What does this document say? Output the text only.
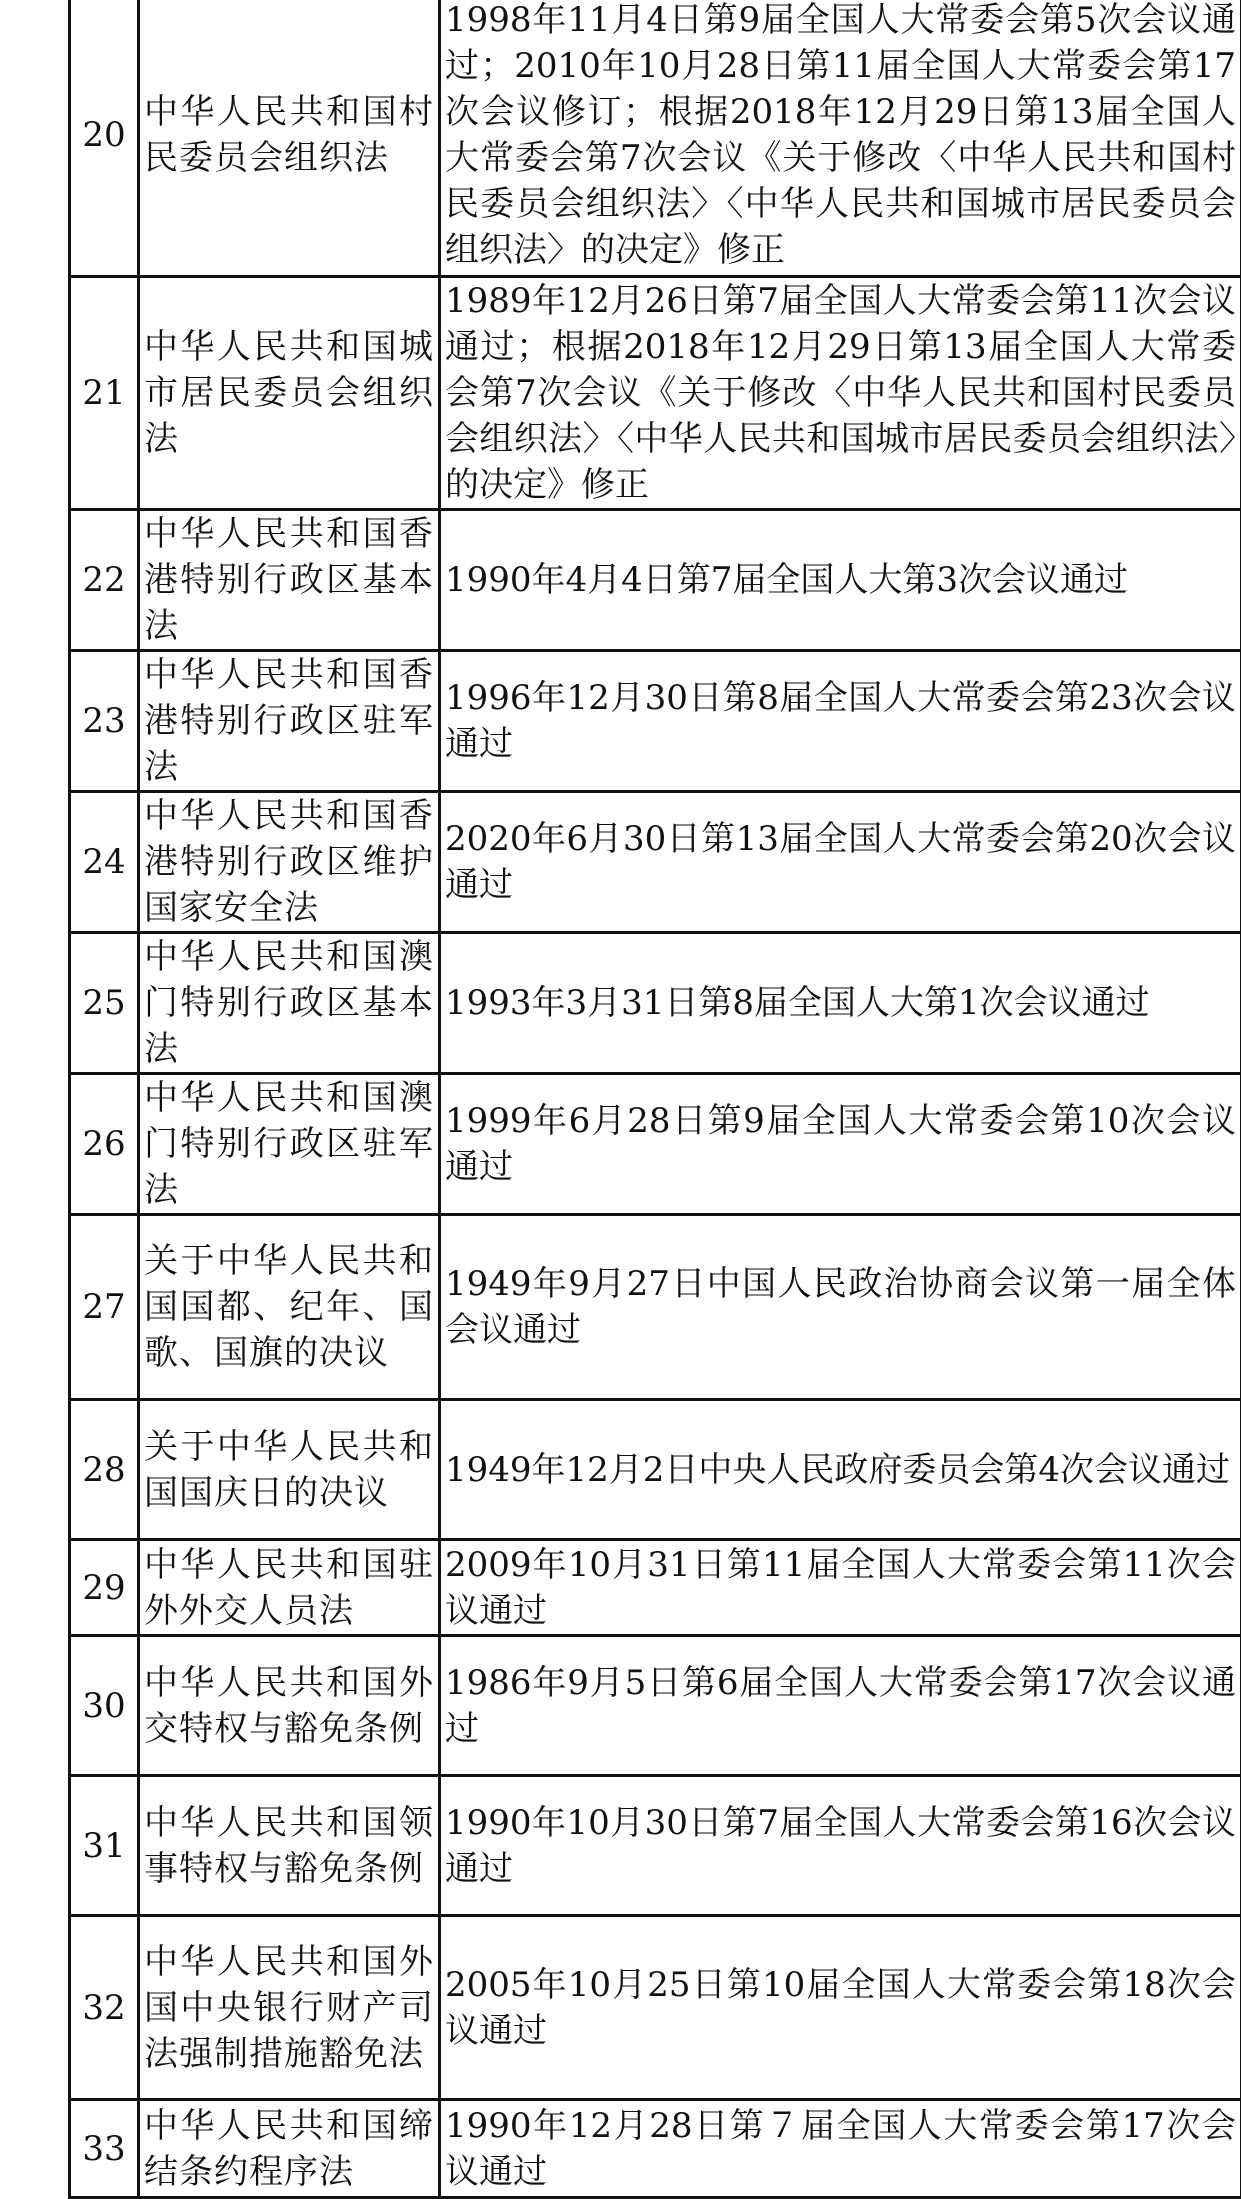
20	中华人民共和国村民委员会组织法	1998年11月4日第9届全国人大常委会第5次会议通过；2010年10月28日第11届全国人大常委会第17次会议修订；根据2018年12月29日第13届全国人大常委会第7次会议《关于修改〈中华人民共和国村民委员会组织法〉〈中华人民共和国城市居民委员会组织法〉的决定》修正
21	中华人民共和国城市居民委员会组织法	1989年12月26日第7届全国人大常委会第11次会议通过；根据2018年12月29日第13届全国人大常委会第7次会议《关于修改〈中华人民共和国村民委员会组织法〉〈中华人民共和国城市居民委员会组织法〉的决定》修正
22	中华人民共和国香港特别行政区基本法	1990年4月4日第7届全国人大第3次会议通过
23	中华人民共和国香港特别行政区驻军法	1996年12月30日第8届全国人大常委会第23次会议通过
24	中华人民共和国香港特别行政区维护国家安全法	2020年6月30日第13届全国人大常委会第20次会议通过
25	中华人民共和国澳门特别行政区基本法	1993年3月31日第8届全国人大第1次会议通过
26	中华人民共和国澳门特别行政区驻军法	1999年6月28日第9届全国人大常委会第10次会议通过
27	关于中华人民共和国国都、纪年、国歌、国旗的决议	1949年9月27日中国人民政治协商会议第一届全体会议通过
28	关于中华人民共和国国庆日的决议	1949年12月2日中央人民政府委员会第4次会议通过
29	中华人民共和国驻外外交人员法	2009年10月31日第11届全国人大常委会第11次会议通过
30	中华人民共和国外交特权与豁免条例	1986年9月5日第6届全国人大常委会第17次会议通过
31	中华人民共和国领事特权与豁免条例	1990年10月30日第7届全国人大常委会第16次会议通过
32	中华人民共和国外国中央银行财产司法强制措施豁免法	2005年10月25日第10届全国人大常委会第18次会议通过
33	中华人民共和国缔结条约程序法	1990年12月28日第７届全国人大常委会第17次会议通过
